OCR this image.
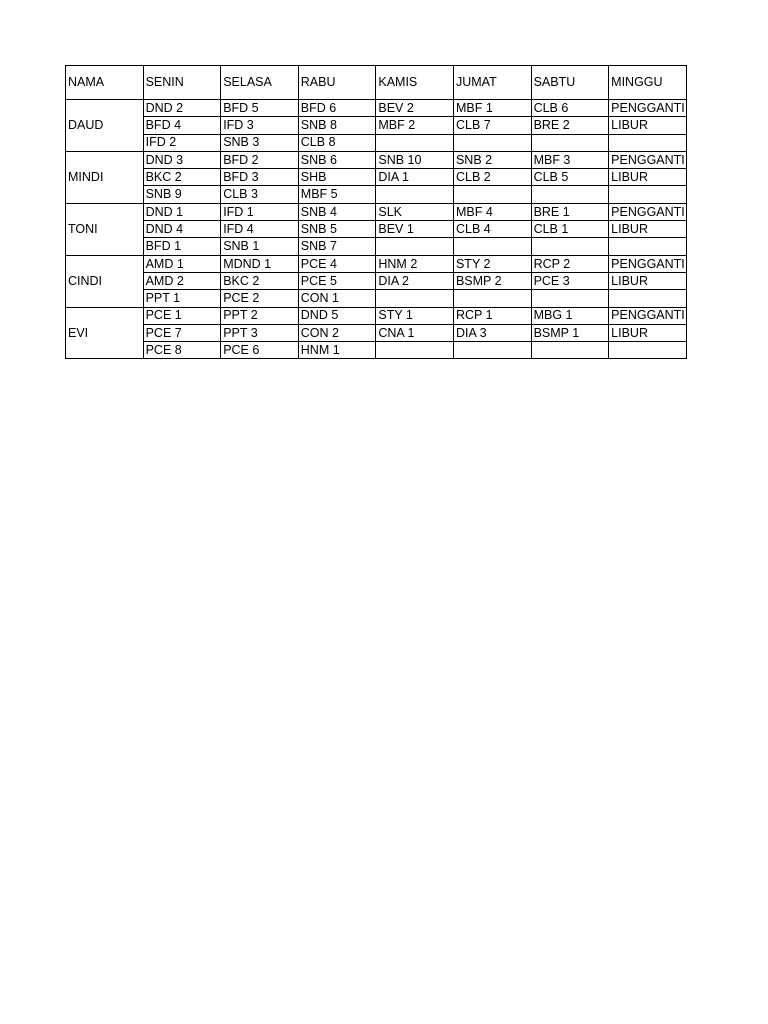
NAMA	SENIN	SELASA	RABU	KAMIS	JUMAT	SABTU	MINGGU
DAUD	DND 2	BFD 5	BFD 6	BEV 2	MBF 1	CLB 6	PENGGANTI
	BFD 4	IFD 3	SNB 8	MBF 2	CLB 7	BRE 2	LIBUR
	IFD 2	SNB 3	CLB 8				
MINDI	DND 3	BFD 2	SNB 6	SNB 10	SNB 2	MBF 3	PENGGANTI
	BKC 2	BFD 3	SHB	DIA 1	CLB 2	CLB 5	LIBUR
	SNB 9	CLB 3	MBF 5				
TONI	DND 1	IFD 1	SNB 4	SLK	MBF 4	BRE 1	PENGGANTI
	DND 4	IFD 4	SNB 5	BEV 1	CLB 4	CLB 1	LIBUR
	BFD 1	SNB 1	SNB 7				
CINDI	AMD 1	MDND 1	PCE 4	HNM 2	STY 2	RCP 2	PENGGANTI
	AMD 2	BKC 2	PCE 5	DIA 2	BSMP 2	PCE 3	LIBUR
	PPT 1	PCE 2	CON 1				
EVI	PCE 1	PPT 2	DND 5	STY 1	RCP 1	MBG 1	PENGGANTI
	PCE 7	PPT 3	CON 2	CNA 1	DIA 3	BSMP 1	LIBUR
	PCE 8	PCE 6	HNM 1				
